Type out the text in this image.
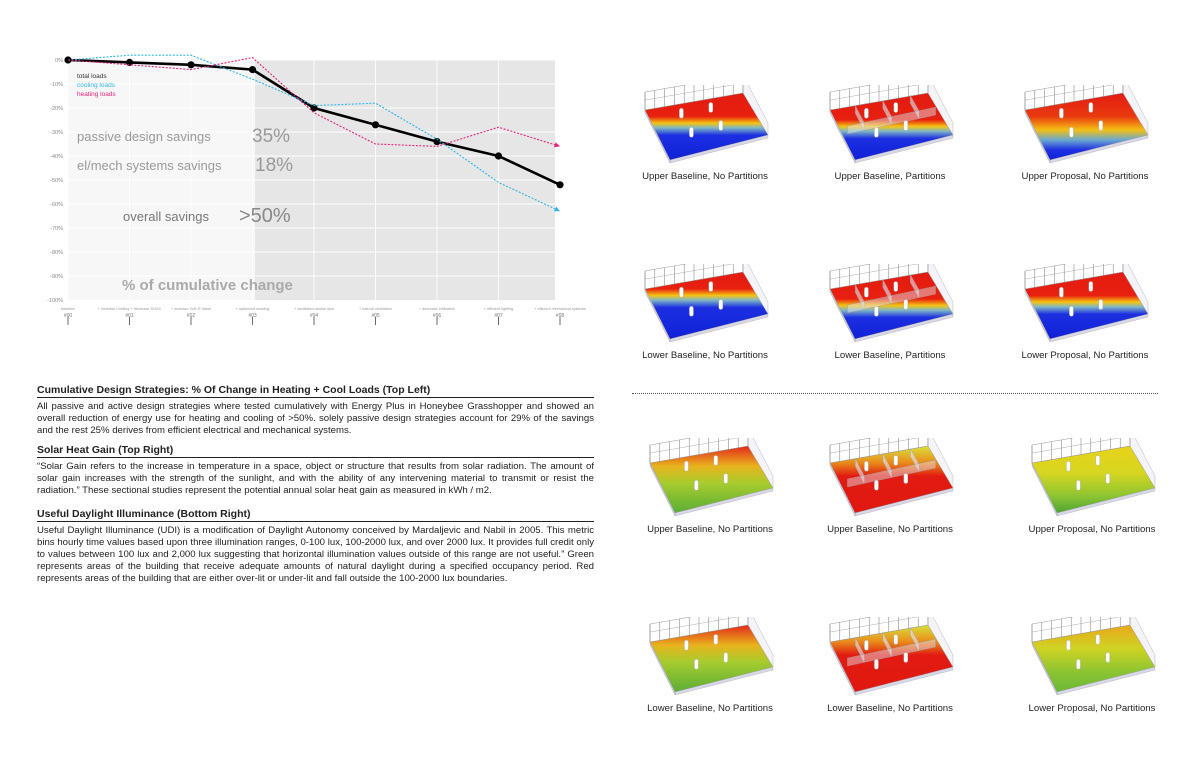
0%
-10%
-20%
-30%
-40%
-50%
-60%
-70%
-80%
-90%
-100%
baseline
#00
+ increase r/ceiling + decrease SHGC
#01
+ increase VoR-R Value
#02
+ optimized shading
#03
+ ventilated double skin
#04
+ natural ventilation
#05
+ decrease infiltration
#06
+ efficient lighting
#07
+ efficient mechanical systems
#08
total loads
cooling loads
heating loads
passive design savings 35%
el/mech systems savings 18%
overall savings >50%
% of cumulative change
Cumulative Design Strategies: % Of Change in Heating + Cool Loads (Top Left)

All passive and active design strategies where tested cumulatively with Energy Plus in Honeybee Grasshopper and showed an overall reduction of energy use for heating and cooling of >50%. solely passive design strategies account for 29% of the savings and the rest 25% derives from efficient electrical and mechanical systems.

Solar Heat Gain (Top Right)

“Solar Gain refers to the increase in temperature in a space, object or structure that results from solar radiation. The amount of solar gain increases with the strength of the sunlight, and with the ability of any intervening material to transmit or resist the radiation.” These sectional studies represent the potential annual solar heat gain as measured in kWh / m2.

Useful Daylight Illuminance (Bottom Right)

Useful Daylight Illuminance (UDI) is a modification of Daylight Autonomy conceived by Mardaljevic and Nabil in 2005. This metric bins hourly time values based upon three illumination ranges, 0-100 lux, 100-2000 lux, and over 2000 lux. It provides full credit only to values between 100 lux and 2,000 lux suggesting that horizontal illumination values outside of this range are not useful.” Green represents areas of the building that receive adequate amounts of natural daylight during a specified occupancy period. Red represents areas of the building that are either over-lit or under-lit and fall outside the 100-2000 lux boundaries.

Upper Baseline, No Partitions	Upper Baseline, Partitions	Upper Proposal, No Partitions
Lower Baseline, No Partitions	Lower Baseline, Partitions	Lower Proposal, No Partitions
Upper Baseline, No Partitions	Upper Baseline, No Partitions	Upper Proposal, No Partitions
Lower Baseline, No Partitions	Lower Baseline, No Partitions	Lower Proposal, No Partitions
